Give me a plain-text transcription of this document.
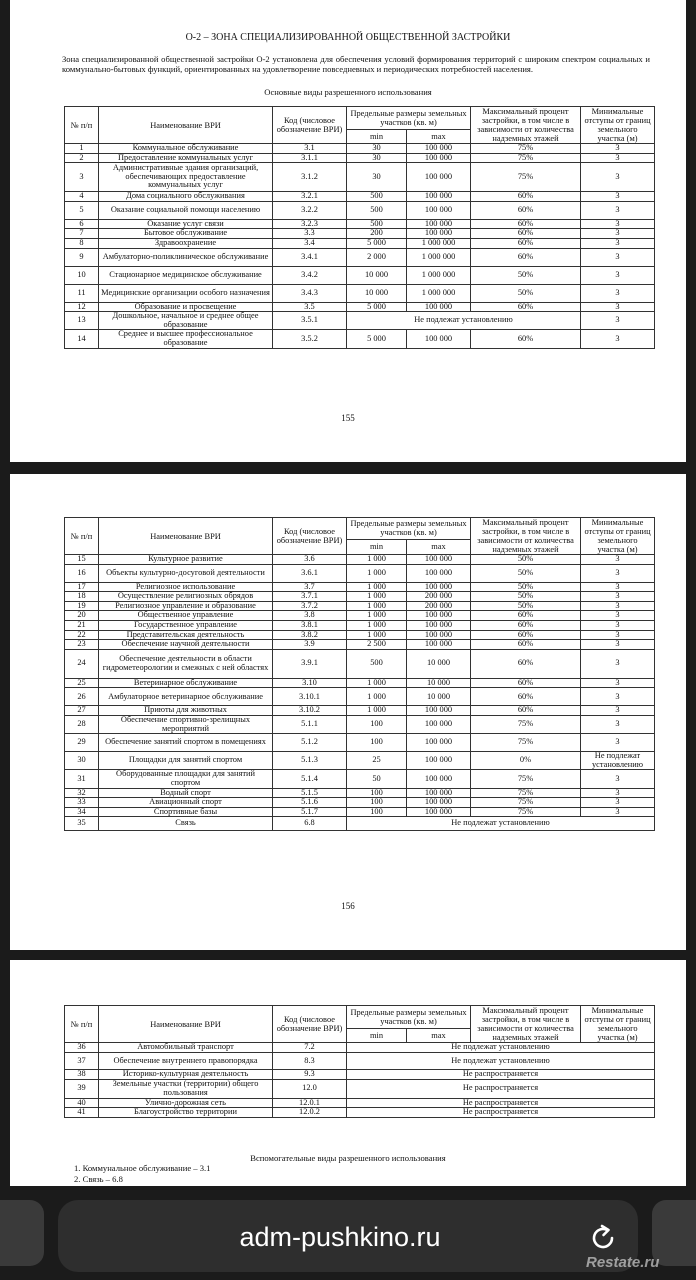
О-2 – ЗОНА СПЕЦИАЛИЗИРОВАННОЙ ОБЩЕСТВЕННОЙ ЗАСТРОЙКИ

Зона специализированной общественной застройки О-2 установлена для обеспечения условий формирования территорий с широким спектром социальных и коммунально-бытовых функций, ориентированных на удовлетворение повседневных и периодических потребностей населения.

Основные виды разрешенного использования

№ п/п	Наименование ВРИ	Код (числовое обозначение ВРИ)	Предельные размеры земельных участков (кв. м)		Максимальный процент застройки, в том числе в зависимости от количества надземных этажей	Минимальные отступы от границ земельного участка (м)
			min	max		
1	Коммунальное обслуживание	3.1	30	100 000	75%	3
2	Предоставление коммунальных услуг	3.1.1	30	100 000	75%	3
3	Административные здания организаций, обеспечивающих предоставление коммунальных услуг	3.1.2	30	100 000	75%	3
4	Дома социального обслуживания	3.2.1	500	100 000	60%	3
5	Оказание социальной помощи населению	3.2.2	500	100 000	60%	3
6	Оказание услуг связи	3.2.3	500	100 000	60%	3
7	Бытовое обслуживание	3.3	200	100 000	60%	3
8	Здравоохранение	3.4	5 000	1 000 000	60%	3
9	Амбулаторно-поликлиническое обслуживание	3.4.1	2 000	1 000 000	60%	3
10	Стационарное медицинское обслуживание	3.4.2	10 000	1 000 000	50%	3
11	Медицинские организации особого назначения	3.4.3	10 000	1 000 000	50%	3
12	Образование и просвещение	3.5	5 000	100 000	60%	3
13	Дошкольное, начальное и среднее общее образование	3.5.1	Не подлежат установлению			3
14	Среднее и высшее профессиональное образование	3.5.2	5 000	100 000	60%	3
155
№ п/п	Наименование ВРИ	Код (числовое обозначение ВРИ)	Предельные размеры земельных участков (кв. м)		Максимальный процент застройки, в том числе в зависимости от количества надземных этажей	Минимальные отступы от границ земельного участка (м)
			min	max		
15	Культурное развитие	3.6	1 000	100 000	50%	3
16	Объекты культурно-досуговой деятельности	3.6.1	1 000	100 000	50%	3
17	Религиозное использование	3.7	1 000	100 000	50%	3
18	Осуществление религиозных обрядов	3.7.1	1 000	200 000	50%	3
19	Религиозное управление и образование	3.7.2	1 000	200 000	50%	3
20	Общественное управление	3.8	1 000	100 000	60%	3
21	Государственное управление	3.8.1	1 000	100 000	60%	3
22	Представительская деятельность	3.8.2	1 000	100 000	60%	3
23	Обеспечение научной деятельности	3.9	2 500	100 000	60%	3
24	Обеспечение деятельности в области гидрометеорологии и смежных с ней областях	3.9.1	500	10 000	60%	3
25	Ветеринарное обслуживание	3.10	1 000	10 000	60%	3
26	Амбулаторное ветеринарное обслуживание	3.10.1	1 000	10 000	60%	3
27	Приюты для животных	3.10.2	1 000	100 000	60%	3
28	Обеспечение спортивно-зрелищных мероприятий	5.1.1	100	100 000	75%	3
29	Обеспечение занятий спортом в помещениях	5.1.2	100	100 000	75%	3
30	Площадки для занятий спортом	5.1.3	25	100 000	0%	Не подлежат установлению
31	Оборудованные площадки для занятий спортом	5.1.4	50	100 000	75%	3
32	Водный спорт	5.1.5	100	100 000	75%	3
33	Авиационный спорт	5.1.6	100	100 000	75%	3
34	Спортивные базы	5.1.7	100	100 000	75%	3
35	Связь	6.8	Не подлежат установлению			
156
№ п/п	Наименование ВРИ	Код (числовое обозначение ВРИ)	Предельные размеры земельных участков (кв. м)		Максимальный процент застройки, в том числе в зависимости от количества надземных этажей	Минимальные отступы от границ земельного участка (м)
			min	max		
36	Автомобильный транспорт	7.2	Не подлежат установлению			
37	Обеспечение внутреннего правопорядка	8.3	Не подлежат установлению			
38	Историко-культурная деятельность	9.3	Не распространяется			
39	Земельные участки (территории) общего пользования	12.0	Не распространяется			
40	Улично-дорожная сеть	12.0.1	Не распространяется			
41	Благоустройство территории	12.0.2	Не распространяется			

Вспомогательные виды разрешенного использования

1. Коммунальное обслуживание – 3.1
2. Связь – 6.8
adm-pushkino.ru
Restate.ru
